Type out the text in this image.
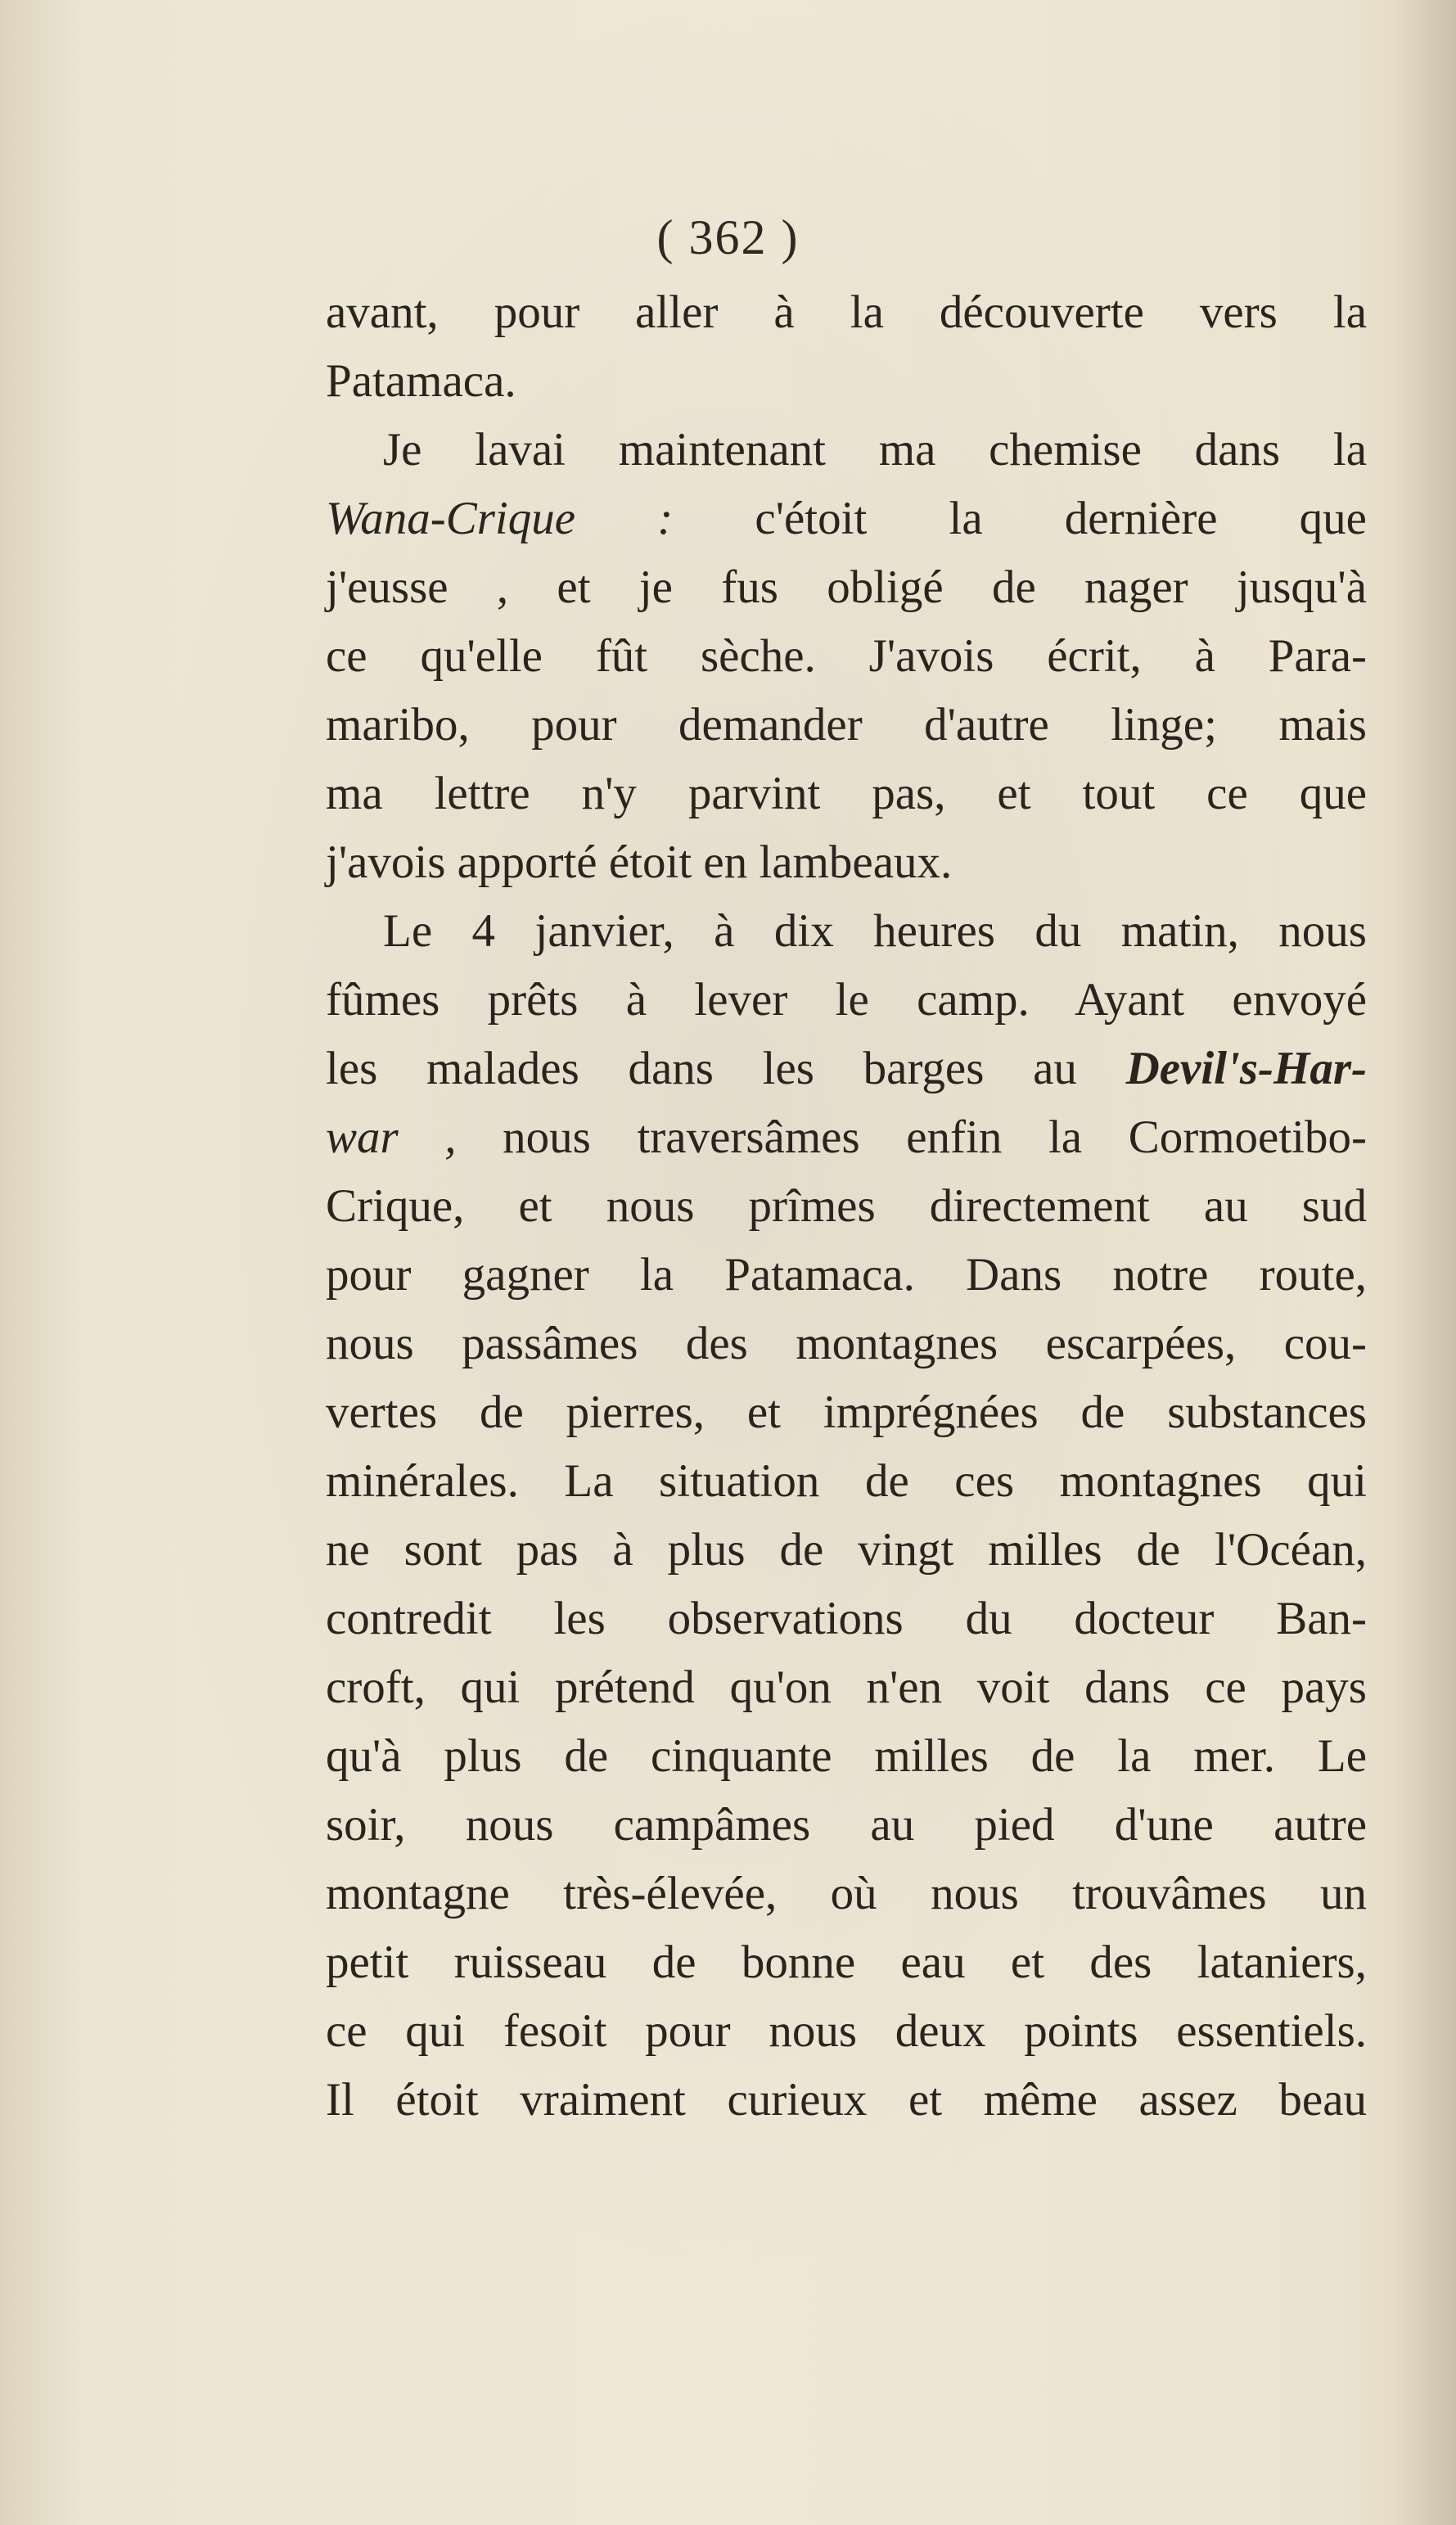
( 362 )
avant, pour aller à la découverte vers la
Patamaca.
Je lavai maintenant ma chemise dans la
Wana-Crique : c'étoit la dernière que
j'eusse , et je fus obligé de nager jusqu'à
ce qu'elle fût sèche. J'avois écrit, à Para-
maribo, pour demander d'autre linge; mais
ma lettre n'y parvint pas, et tout ce que
j'avois apporté étoit en lambeaux.
Le 4 janvier, à dix heures du matin, nous
fûmes prêts à lever le camp. Ayant envoyé
les malades dans les barges au Devil's-Har-
war , nous traversâmes enfin la Cormoetibo-
Crique, et nous prîmes directement au sud
pour gagner la Patamaca. Dans notre route,
nous passâmes des montagnes escarpées, cou-
vertes de pierres, et imprégnées de substances
minérales. La situation de ces montagnes qui
ne sont pas à plus de vingt milles de l'Océan,
contredit les observations du docteur Ban-
croft, qui prétend qu'on n'en voit dans ce pays
qu'à plus de cinquante milles de la mer. Le
soir, nous campâmes au pied d'une autre
montagne très-élevée, où nous trouvâmes un
petit ruisseau de bonne eau et des lataniers,
ce qui fesoit pour nous deux points essentiels.
Il étoit vraiment curieux et même assez beau
